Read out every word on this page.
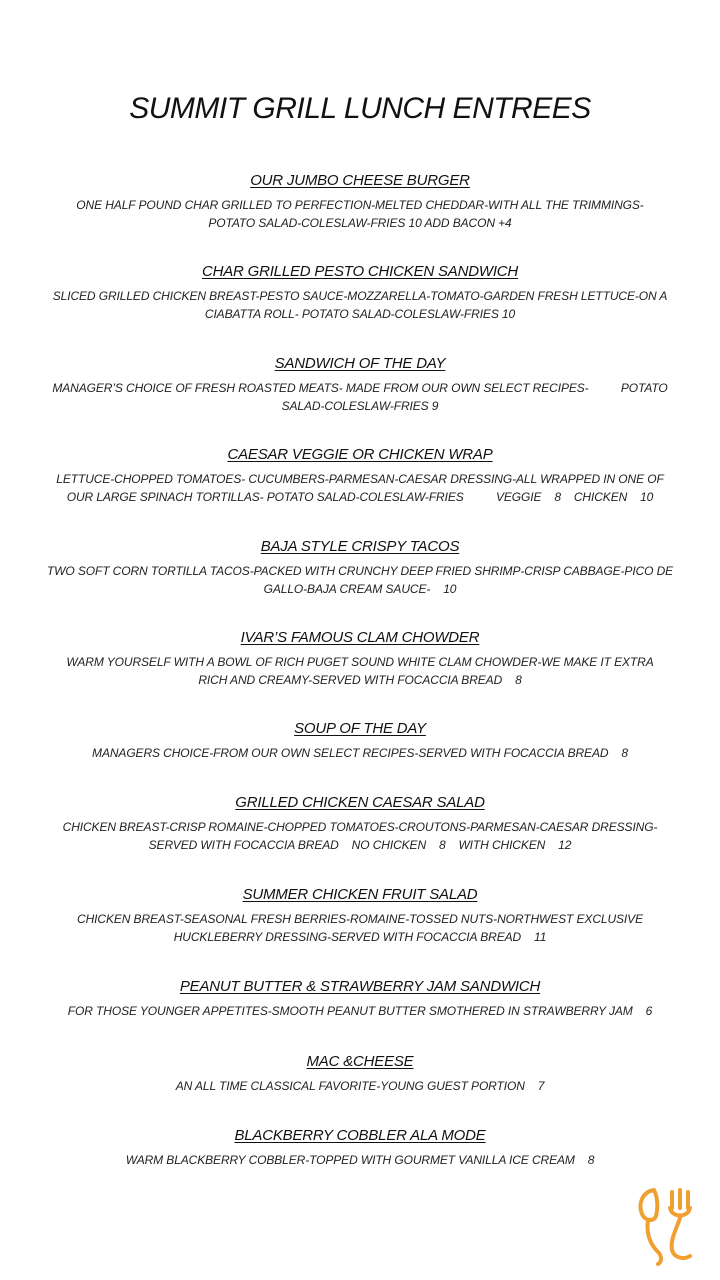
SUMMIT GRILL LUNCH ENTREES
OUR JUMBO CHEESE BURGER
ONE HALF POUND CHAR GRILLED TO PERFECTION-MELTED CHEDDAR-WITH ALL THE TRIMMINGS-
POTATO SALAD-COLESLAW-FRIES 10 ADD BACON +4
CHAR GRILLED PESTO CHICKEN SANDWICH
SLICED GRILLED CHICKEN BREAST-PESTO SAUCE-MOZZARELLA-TOMATO-GARDEN FRESH LETTUCE-ON A
CIABATTA ROLL- POTATO SALAD-COLESLAW-FRIES 10
SANDWICH OF THE DAY
MANAGER’S CHOICE OF FRESH ROASTED MEATS- MADE FROM OUR OWN SELECT RECIPES-          POTATO
SALAD-COLESLAW-FRIES 9
CAESAR VEGGIE OR CHICKEN WRAP
LETTUCE-CHOPPED TOMATOES- CUCUMBERS-PARMESAN-CAESAR DRESSING-ALL WRAPPED IN ONE OF
OUR LARGE SPINACH TORTILLAS- POTATO SALAD-COLESLAW-FRIES          VEGGIE    8    CHICKEN    10
BAJA STYLE CRISPY TACOS
TWO SOFT CORN TORTILLA TACOS-PACKED WITH CRUNCHY DEEP FRIED SHRIMP-CRISP CABBAGE-PICO DE
GALLO-BAJA CREAM SAUCE-    10
IVAR’S FAMOUS CLAM CHOWDER
WARM YOURSELF WITH A BOWL OF RICH PUGET SOUND WHITE CLAM CHOWDER-WE MAKE IT EXTRA
RICH AND CREAMY-SERVED WITH FOCACCIA BREAD    8
SOUP OF THE DAY
MANAGERS CHOICE-FROM OUR OWN SELECT RECIPES-SERVED WITH FOCACCIA BREAD    8
GRILLED CHICKEN CAESAR SALAD
CHICKEN BREAST-CRISP ROMAINE-CHOPPED TOMATOES-CROUTONS-PARMESAN-CAESAR DRESSING-
SERVED WITH FOCACCIA BREAD    NO CHICKEN    8    WITH CHICKEN    12
SUMMER CHICKEN FRUIT SALAD
CHICKEN BREAST-SEASONAL FRESH BERRIES-ROMAINE-TOSSED NUTS-NORTHWEST EXCLUSIVE
HUCKLEBERRY DRESSING-SERVED WITH FOCACCIA BREAD    11
PEANUT BUTTER & STRAWBERRY JAM SANDWICH
FOR THOSE YOUNGER APPETITES-SMOOTH PEANUT BUTTER SMOTHERED IN STRAWBERRY JAM    6
MAC &CHEESE
AN ALL TIME CLASSICAL FAVORITE-YOUNG GUEST PORTION    7
BLACKBERRY COBBLER ALA MODE
WARM BLACKBERRY COBBLER-TOPPED WITH GOURMET VANILLA ICE CREAM    8
